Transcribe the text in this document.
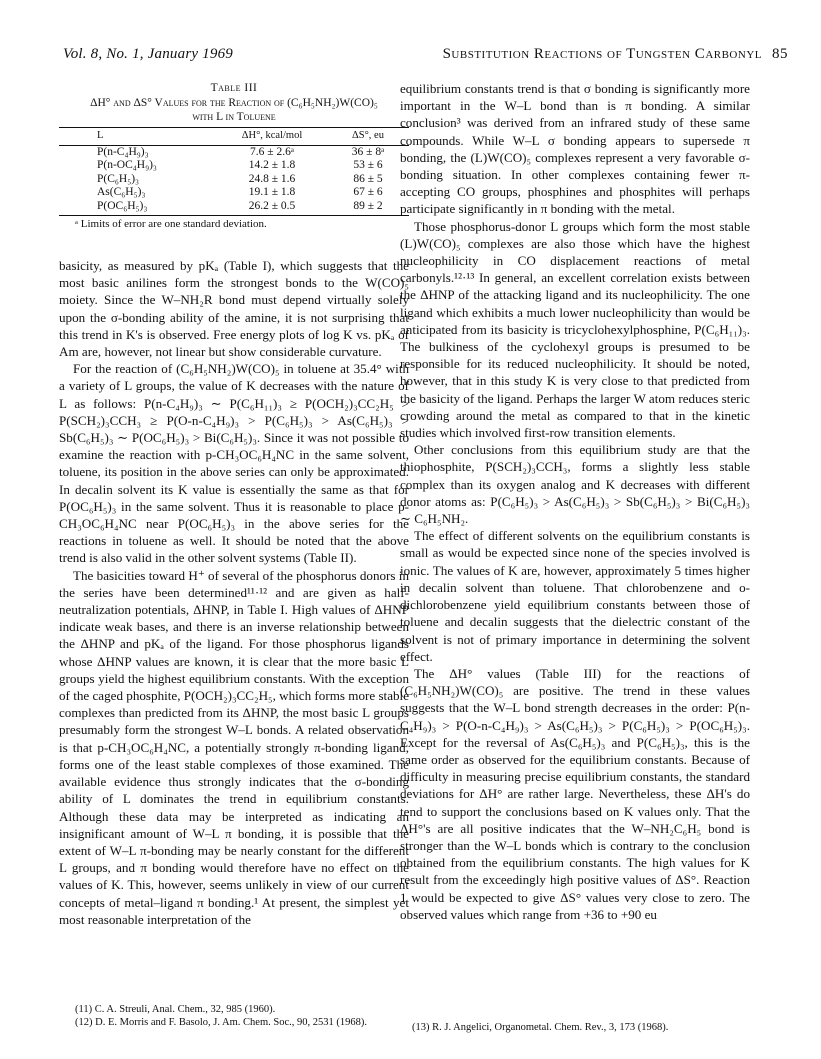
Vol. 8, No. 1, January 1969	Substitution Reactions of Tungsten Carbonyl 85
Table III
ΔH° and ΔS° Values for the Reaction of (C₆H₅NH₂)W(CO)₅
with L in Toluene
L	ΔH°, kcal/mol	ΔS°, eu
P(n-C₄H₉)₃	7.6 ± 2.6ᵃ	36 ± 8ᵃ
P(n-OC₄H₉)₃	14.2 ± 1.8	53 ± 6
P(C₆H₅)₃	24.8 ± 1.6	86 ± 5
As(C₆H₅)₃	19.1 ± 1.8	67 ± 6
P(OC₆H₅)₃	26.2 ± 0.5	89 ± 2
ᵃ Limits of error are one standard deviation.

basicity, as measured by pKₐ (Table I), which suggests that the most basic anilines form the strongest bonds to the W(CO)₅ moiety. Since the W–NH₂R bond must depend virtually solely upon the σ-bonding ability of the amine, it is not surprising that this trend in K's is observed. Free energy plots of log K vs. pKₐ of Am are, however, not linear but show considerable curvature.

For the reaction of (C₆H₅NH₂)W(CO)₅ in toluene at 35.4° with a variety of L groups, the value of K decreases with the nature of L as follows: P(n-C₄H₉)₃ ∼ P(C₆H₁₁)₃ ≥ P(OCH₂)₃CC₂H₅ > P(SCH₂)₃CCH₃ ≥ P(O-n-C₄H₉)₃ > P(C₆H₅)₃ > As(C₆H₅)₃ > Sb(C₆H₅)₃ ∼ P(OC₆H₅)₃ > Bi(C₆H₅)₃. Since it was not possible to examine the reaction with p-CH₃OC₆H₄NC in the same solvent, toluene, its position in the above series can only be approximated. In decalin solvent its K value is essentially the same as that for P(OC₆H₅)₃ in the same solvent. Thus it is reasonable to place p-CH₃OC₆H₄NC near P(OC₆H₅)₃ in the above series for the reactions in toluene as well. It should be noted that the above trend is also valid in the other solvent systems (Table II).

The basicities toward H⁺ of several of the phosphorus donors in the series have been determined¹¹·¹² and are given as half-neutralization potentials, ΔHNP, in Table I. High values of ΔHNP indicate weak bases, and there is an inverse relationship between the ΔHNP and pKₐ of the ligand. For those phosphorus ligands whose ΔHNP values are known, it is clear that the more basic L groups yield the highest equilibrium constants. With the exception of the caged phosphite, P(OCH₂)₃CC₂H₅, which forms more stable complexes than predicted from its ΔHNP, the most basic L groups presumably form the strongest W–L bonds. A related observation is that p-CH₃OC₆H₄NC, a potentially strongly π-bonding ligand, forms one of the least stable complexes of those examined. The available evidence thus strongly indicates that the σ-bonding ability of L dominates the trend in equilibrium constants. Although these data may be interpreted as indicating an insignificant amount of W–L π bonding, it is possible that the extent of W–L π-bonding may be nearly constant for the different L groups, and π bonding would therefore have no effect on the values of K. This, however, seems unlikely in view of our current concepts of metal–ligand π bonding.¹ At present, the simplest yet most reasonable interpretation of the

equilibrium constants trend is that σ bonding is significantly more important in the W–L bond than is π bonding. A similar conclusion³ was derived from an infrared study of these same compounds. While W–L σ bonding appears to supersede π bonding, the (L)W(CO)₅ complexes represent a very favorable σ-bonding situation. In other complexes containing fewer π-accepting CO groups, phosphines and phosphites will perhaps participate significantly in π bonding with the metal.

Those phosphorus-donor L groups which form the most stable (L)W(CO)₅ complexes are also those which have the highest nucleophilicity in CO displacement reactions of metal carbonyls.¹²·¹³ In general, an excellent correlation exists between the ΔHNP of the attacking ligand and its nucleophilicity. The one ligand which exhibits a much lower nucleophilicity than would be anticipated from its basicity is tricyclohexylphosphine, P(C₆H₁₁)₃. The bulkiness of the cyclohexyl groups is presumed to be responsible for its reduced nucleophilicity. It should be noted, however, that in this study K is very close to that predicted from the basicity of the ligand. Perhaps the larger W atom reduces steric crowding around the metal as compared to that in the kinetic studies which involved first-row transition elements.

Other conclusions from this equilibrium study are that the thiophosphite, P(SCH₂)₃CCH₃, forms a slightly less stable complex than its oxygen analog and K decreases with different donor atoms as: P(C₆H₅)₃ > As(C₆H₅)₃ > Sb(C₆H₅)₃ > Bi(C₆H₅)₃ ∼ C₆H₅NH₂.

The effect of different solvents on the equilibrium constants is small as would be expected since none of the species involved is ionic. The values of K are, however, approximately 5 times higher in decalin solvent than toluene. That chlorobenzene and o-dichlorobenzene yield equilibrium constants between those of toluene and decalin suggests that the dielectric constant of the solvent is not of primary importance in determining the solvent effect.

The ΔH° values (Table III) for the reactions of (C₆H₅NH₂)W(CO)₅ are positive. The trend in these values suggests that the W–L bond strength decreases in the order: P(n-C₄H₉)₃ > P(O-n-C₄H₉)₃ > As(C₆H₅)₃ > P(C₆H₅)₃ > P(OC₆H₅)₃. Except for the reversal of As(C₆H₅)₃ and P(C₆H₅)₃, this is the same order as observed for the equilibrium constants. Because of difficulty in measuring precise equilibrium constants, the standard deviations for ΔH° are rather large. Nevertheless, these ΔH's do tend to support the conclusions based on K values only. That the ΔH°'s are all positive indicates that the W–NH₂C₆H₅ bond is stronger than the W–L bonds which is contrary to the conclusion obtained from the equilibrium constants. The high values for K result from the exceedingly high positive values of ΔS°. Reaction 1 would be expected to give ΔS° values very close to zero. The observed values which range from +36 to +90 eu

(11) C. A. Streuli, Anal. Chem., 32, 985 (1960).
(12) D. E. Morris and F. Basolo, J. Am. Chem. Soc., 90, 2531 (1968).	(13) R. J. Angelici, Organometal. Chem. Rev., 3, 173 (1968).
